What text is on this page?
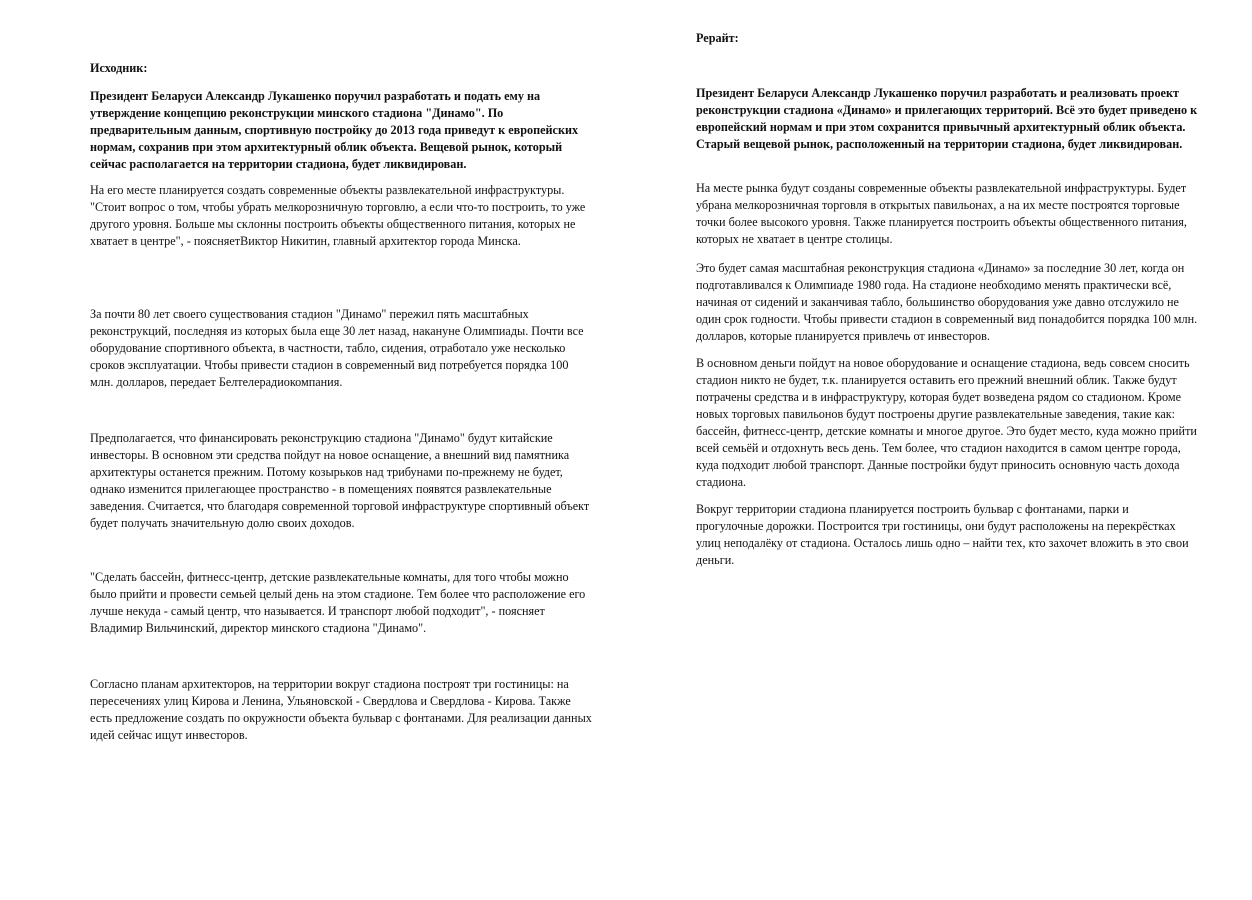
Исходник:

Президент Беларуси Александр Лукашенко поручил разработать и подать ему на утверждение концепцию реконструкции минского стадиона "Динамо". По предварительным данным, спортивную постройку до 2013 года приведут к европейских нормам, сохранив при этом архитектурный облик объекта. Вещевой рынок, который сейчас располагается на территории стадиона, будет ликвидирован.

На его месте планируется создать современные объекты развлекательной инфраструктуры. "Стоит вопрос о том, чтобы убрать мелкорозничную торговлю, а если что-то построить, то уже другого уровня. Больше мы склонны построить объекты общественного питания, которых не хватает в центре", - поясняетВиктор Никитин, главный архитектор города Минска.

За почти 80 лет своего существования стадион "Динамо" пережил пять масштабных реконструкций, последняя из которых была еще 30 лет назад, накануне Олимпиады. Почти все оборудование спортивного объекта, в частности, табло, сидения, отработало уже несколько сроков эксплуатации. Чтобы привести стадион в современный вид потребуется порядка 100 млн. долларов, передает Белтелерадиокомпания.

Предполагается, что финансировать реконструкцию стадиона "Динамо" будут китайские инвесторы. В основном эти средства пойдут на новое оснащение, а внешний вид памятника архитектуры останется прежним. Потому козырьков над трибунами по-прежнему не будет, однако изменится прилегающее пространство - в помещениях появятся развлекательные заведения. Считается, что благодаря современной торговой инфраструктуре спортивный объект будет получать значительную долю своих доходов.

"Сделать бассейн, фитнесс-центр, детские развлекательные комнаты, для того чтобы можно было прийти и провести семьей целый день на этом стадионе. Тем более что расположение его лучше некуда - самый центр, что называется. И транспорт любой подходит", - поясняет Владимир Вильчинский, директор минского стадиона "Динамо".

Согласно планам архитекторов, на территории вокруг стадиона построят три гостиницы: на пересечениях улиц Кирова и Ленина, Ульяновской - Свердлова и Свердлова - Кирова. Также есть предложение создать по окружности объекта бульвар с фонтанами. Для реализации данных идей сейчас ищут инвесторов.

Рерайт:

Президент Беларуси Александр Лукашенко поручил разработать и реализовать проект реконструкции стадиона «Динамо» и прилегающих территорий. Всё это будет приведено к европейский нормам и при этом сохранится привычный архитектурный облик объекта. Старый вещевой рынок, расположенный на территории стадиона, будет ликвидирован.

На месте рынка будут созданы современные объекты развлекательной инфраструктуры. Будет убрана мелкорозничная торговля в открытых павильонах, а на их месте построятся торговые точки более высокого уровня. Также планируется построить объекты общественного питания, которых не хватает в центре столицы.

Это будет самая масштабная реконструкция стадиона «Динамо» за последние 30 лет, когда он подготавливался к Олимпиаде 1980 года. На стадионе необходимо менять практически всё, начиная от сидений и заканчивая табло, большинство оборудования уже давно отслужило не один срок годности. Чтобы привести стадион в современный вид понадобится порядка 100 млн. долларов, которые планируется привлечь от инвесторов.

В основном деньги пойдут на новое оборудование и оснащение стадиона, ведь совсем сносить стадион никто не будет, т.к. планируется оставить его прежний внешний облик. Также будут потрачены средства и в инфраструктуру, которая будет возведена рядом со стадионом. Кроме новых торговых павильонов будут построены другие развлекательные заведения, такие как: бассейн, фитнесс-центр, детские комнаты и многое другое. Это будет место, куда можно прийти всей семьёй и отдохнуть весь день. Тем более, что стадион находится в самом центре города, куда подходит любой транспорт. Данные постройки будут приносить основную часть дохода стадиона.

Вокруг территории стадиона планируется построить бульвар с фонтанами, парки и прогулочные дорожки. Построится три гостиницы, они будут расположены на перекрёстках улиц неподалёку от стадиона. Осталось лишь одно – найти тех, кто захочет вложить в это свои деньги.
